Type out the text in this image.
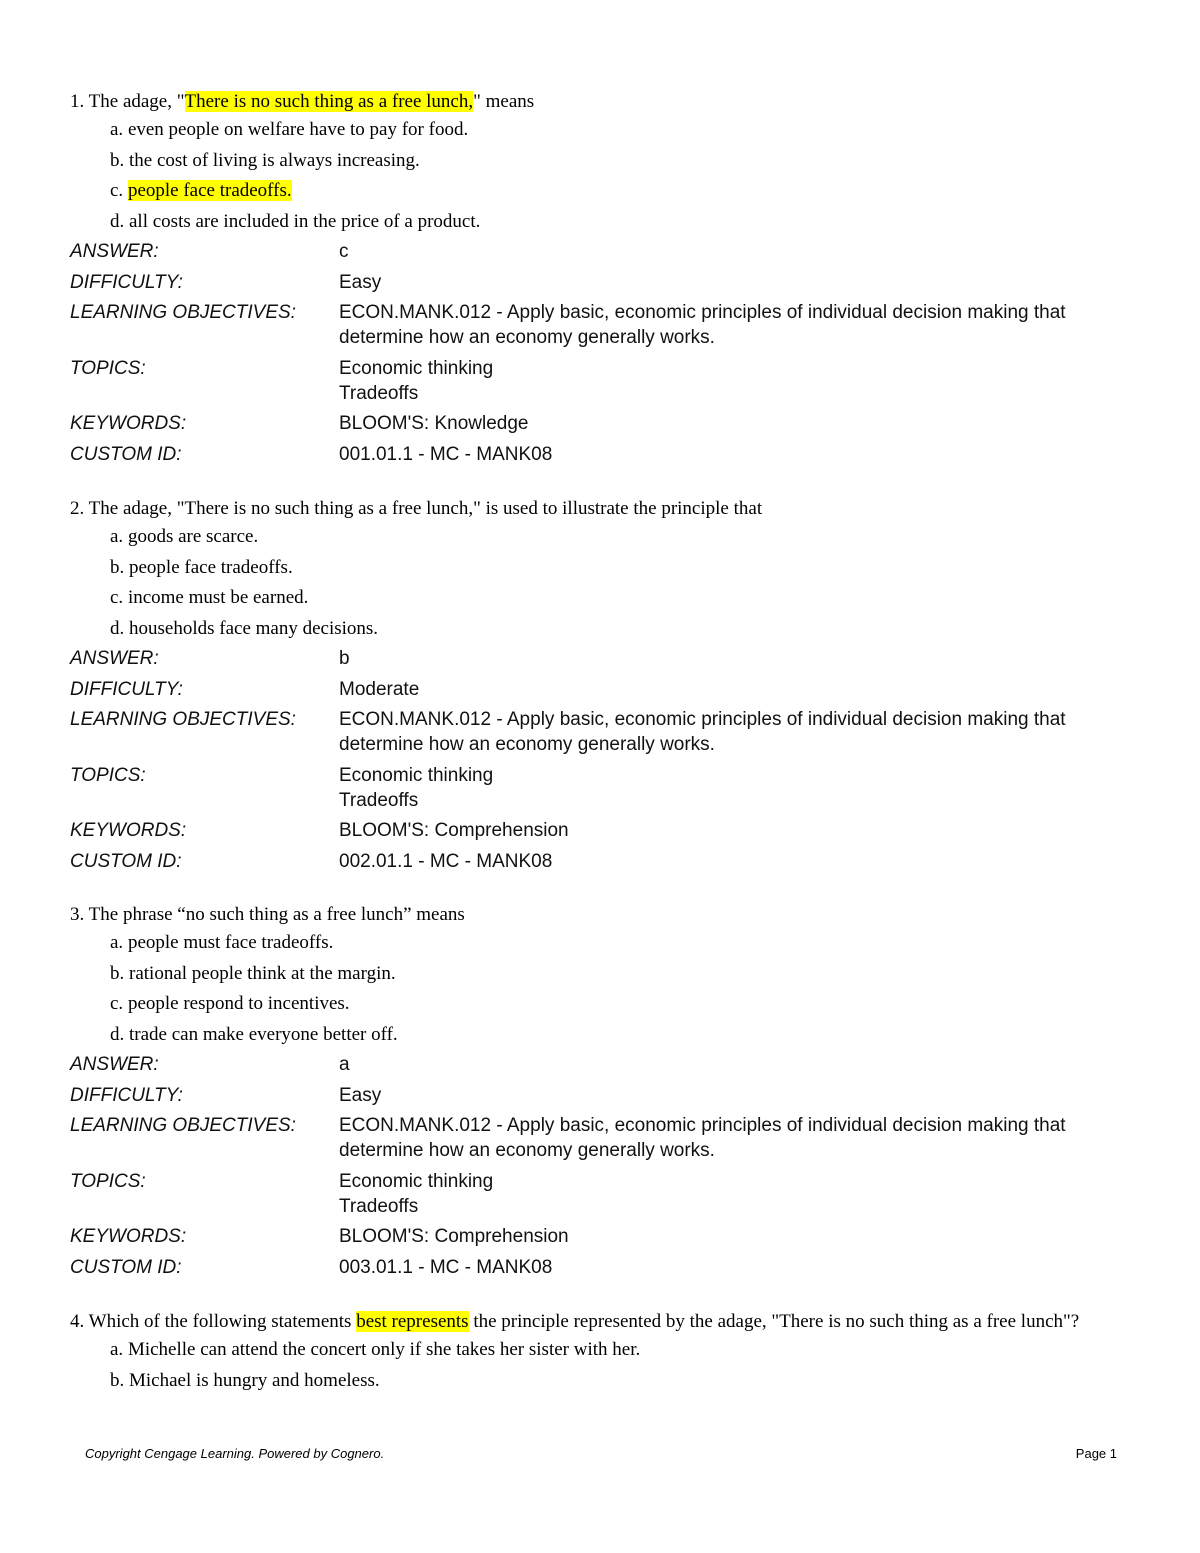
1. The adage, "There is no such thing as a free lunch," means

a. even people on welfare have to pay for food.
b. the cost of living is always increasing.
c. people face tradeoffs.
d. all costs are included in the price of a product.
ANSWER:	c
DIFFICULTY:	Easy
LEARNING OBJECTIVES:	ECON.MANK.012 - Apply basic, economic principles of individual decision making that determine how an economy generally works.
TOPICS:	Economic thinking
Tradeoffs
KEYWORDS:	BLOOM'S: Knowledge
CUSTOM ID:	001.01.1 - MC - MANK08

2. The adage, "There is no such thing as a free lunch," is used to illustrate the principle that

a. goods are scarce.
b. people face tradeoffs.
c. income must be earned.
d. households face many decisions.
ANSWER:	b
DIFFICULTY:	Moderate
LEARNING OBJECTIVES:	ECON.MANK.012 - Apply basic, economic principles of individual decision making that determine how an economy generally works.
TOPICS:	Economic thinking
Tradeoffs
KEYWORDS:	BLOOM'S: Comprehension
CUSTOM ID:	002.01.1 - MC - MANK08

3. The phrase “no such thing as a free lunch” means

a. people must face tradeoffs.
b. rational people think at the margin.
c. people respond to incentives.
d. trade can make everyone better off.
ANSWER:	a
DIFFICULTY:	Easy
LEARNING OBJECTIVES:	ECON.MANK.012 - Apply basic, economic principles of individual decision making that determine how an economy generally works.
TOPICS:	Economic thinking
Tradeoffs
KEYWORDS:	BLOOM'S: Comprehension
CUSTOM ID:	003.01.1 - MC - MANK08

4. Which of the following statements best represents the principle represented by the adage, "There is no such thing as a free lunch"?

a. Michelle can attend the concert only if she takes her sister with her.
b. Michael is hungry and homeless.
Copyright Cengage Learning. Powered by Cognero.	Page 1
